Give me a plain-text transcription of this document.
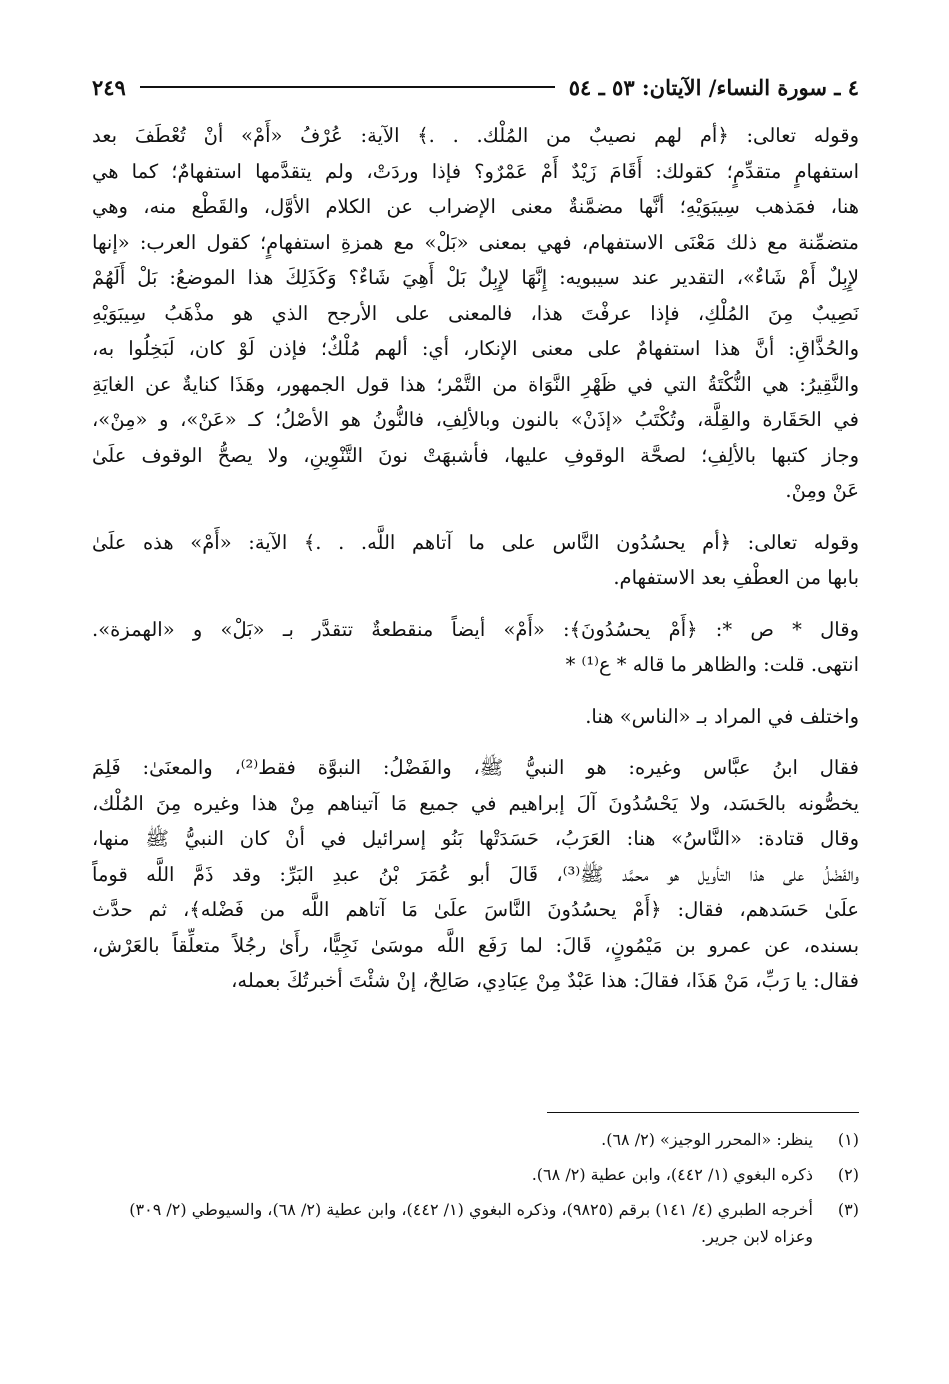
٤ ـ سورة النساء/ الآيتان: ٥٣ ـ ٥٤
٢٤٩
وقوله تعالى: ﴿أم لهم نصيبٌ من المُلْك. . .﴾ الآية: عُرْفُ «أَمْ» أنْ تُعْطَفَ بعد
استفهامٍ متقدِّمٍ؛ كقولك: أَقَامَ زَيْدٌ أَمْ عَمْرٌو؟ فإذا وردَتْ، ولم يتقدَّمها استفهامٌ؛ كما هي
هنا، فمَذهب سِيبَوَيْهِ؛ أنَّها مضمَّنةٌ معنى الإضراب عن الكلام الأوَّل، والقَطْع منه، وهي
متضمِّنة مع ذلك مَعْنَى الاستفهام، فهي بمعنى «بَلْ» مع همزةِ استفهامٍ؛ كقول العرب: «إنها
لإِبِلٌ أَمْ شَاءٌ»، التقدير عند سيبويه: إِنَّهَا لإِبِلٌ بَلْ أَهِيَ شَاءٌ؟ وَكَذَلِكَ هذا الموضعُ: بَلْ أَلَهُمْ
نَصِيبٌ مِنَ المُلْكِ، فإذا عرفْتَ هذا، فالمعنى على الأرجح الذي هو مذْهَبُ سِيبَوَيْهِ
والحُذَّاقِ: أنَّ هذا استفهامٌ على معنى الإنكار، أي: ألهم مُلْكٌ؛ فإذن لَوْ كان، لَبَخِلُوا به،
والنَّقِيرُ: هي النُّكْتَةُ التي في ظَهْرِ النَّوَاة من التَّمْر؛ هذا قول الجمهور، وهَذَا كنايةٌ عن الغايَةِ
في الحَقَارة والقِلَّة، وتُكْتَبُ «إذَنْ» بالنون وبالألِفِ، فالنُّونُ هو الأصْلُ؛ كـ «عَنْ»، و «مِنْ»،
وجاز كتبها بالألِفِ؛ لصحَّة الوقوفِ عليها، فأشبهَتْ نونَ التَّنْوِينِ، ولا يصحُّ الوقوف علَىٰ
عَنْ ومِنْ.
وقوله تعالى: ﴿أم يحسُدُون النَّاس على ما آتاهم اللَّه. . .﴾ الآية: «أَمْ» هذه علَىٰ
بابها من العطْفِ بعد الاستفهام.
وقال * ص *: ﴿أَمْ يحسُدُونَ﴾: «أَمْ» أيضاً منقطعةٌ تتقدَّر بـ «بَلْ» و «الهمزة».
انتهى. قلت: والظاهر ما قاله * ع⁽¹⁾ *
واختلف في المراد بـ «الناس» هنا.
فقال ابنُ عبَّاس وغيره: هو النبيُّ ﷺ، والفَضْلُ: النبوَّة فقط⁽²⁾، والمعنَىٰ: فَلِمَ
يخصُّونه بالحَسَد، ولا يَحْسُدُونَ آلَ إبراهيم في جميع مَا آتيناهم مِنْ هذا وغيره مِنَ المُلْك،
وقال قتادة: «النَّاسُ» هنا: العَرَبُ، حَسَدَتْها بَنُو إسرائيل في أنْ كان النبيُّ ﷺ منها،
والفَضْلُ على هذا التأويل هو محمَّد ﷺ⁽³⁾، قَالَ أبو عُمَرَ بْنُ عبدِ البَرِّ: وقد ذَمَّ اللَّه قوماً
علَىٰ حَسَدهم، فقال: ﴿أَمْ يحسُدُونَ النَّاسَ علَىٰ مَا آتاهم اللَّه من فَضْله﴾، ثم حدَّث
بسنده، عن عمرو بن مَيْمُونٍ، قَالَ: لما رَفَع اللَّه موسَىٰ نَجِيًّا، رأَىٰ رجُلاً متعلِّقاً بالعَرْش،
فقال: يا رَبِّ، مَنْ هَذَا، فقالَ: هذا عَبْدٌ مِنْ عِبَادِي، صَالِحٌ، إنْ شئْتَ أخبرتُكَ بعمله،
(١)
ينظر: «المحرر الوجيز» (٢/ ٦٨).
(٢)
ذكره البغوي (١/ ٤٤٢)، وابن عطية (٢/ ٦٨).
(٣)
أخرجه الطبري (٤/ ١٤١) برقم (٩٨٢٥)، وذكره البغوي (١/ ٤٤٢)، وابن عطية (٢/ ٦٨)، والسيوطي (٢/ ٣٠٩) وعزاه لابن جرير.
